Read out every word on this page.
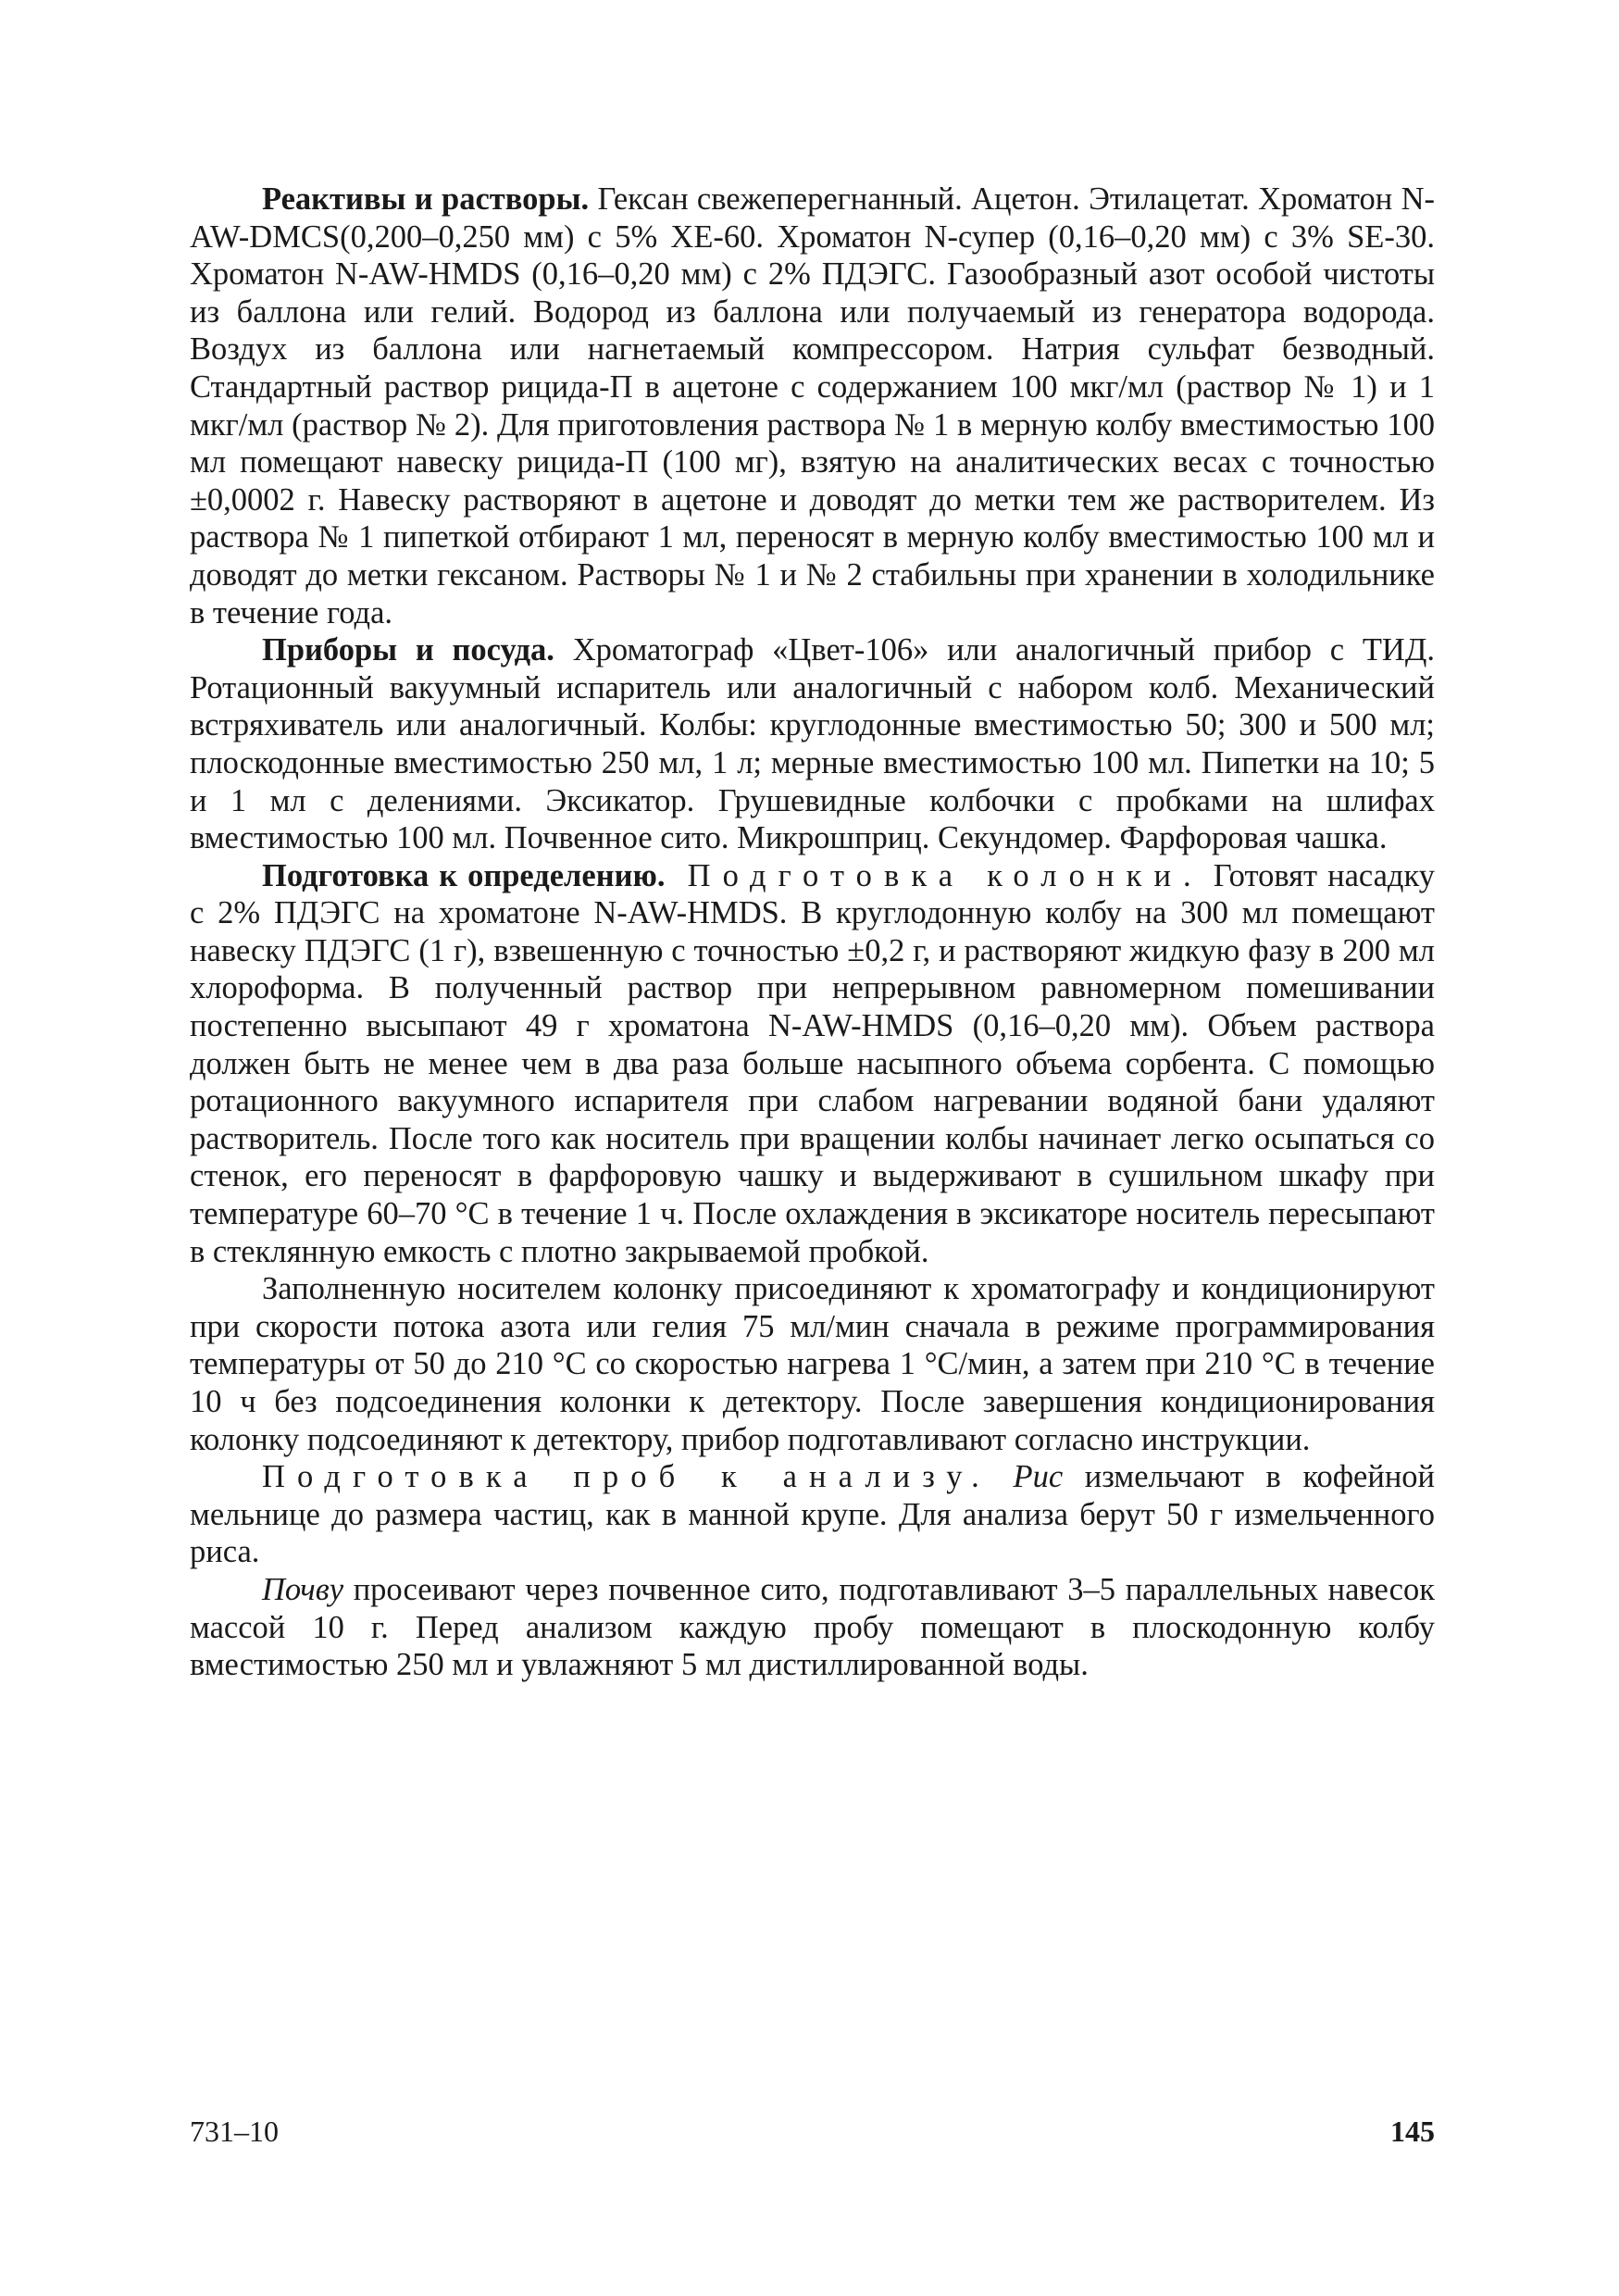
Реактивы и растворы. Гексан свежеперегнанный. Ацетон. Этилацетат. Хроматон N-AW-DMCS(0,200–0,250 мм) с 5% XE-60. Хроматон N-супер (0,16–0,20 мм) с 3% SE-30. Хроматон N-AW-HMDS (0,16–0,20 мм) с 2% ПДЭГС. Газообразный азот особой чистоты из баллона или гелий. Водород из баллона или получаемый из генератора водорода. Воздух из баллона или нагнетаемый компрессором. Натрия сульфат безводный. Стандартный раствор рицида-П в ацетоне с содержанием 100 мкг/мл (раствор № 1) и 1 мкг/мл (раствор № 2). Для приготовления раствора № 1 в мерную колбу вместимостью 100 мл помещают навеску рицида-П (100 мг), взятую на аналитических весах с точностью ±0,0002 г. Навеску растворяют в ацетоне и доводят до метки тем же растворителем. Из раствора № 1 пипеткой отбирают 1 мл, переносят в мерную колбу вместимостью 100 мл и доводят до метки гексаном. Растворы № 1 и № 2 стабильны при хранении в холодильнике в течение года.

Приборы и посуда. Хроматограф «Цвет-106» или аналогичный прибор с ТИД. Ротационный вакуумный испаритель или аналогичный с набором колб. Механический встряхиватель или аналогичный. Колбы: круглодонные вместимостью 50; 300 и 500 мл; плоскодонные вместимостью 250 мл, 1 л; мерные вместимостью 100 мл. Пипетки на 10; 5 и 1 мл с делениями. Эксикатор. Грушевидные колбочки с пробками на шлифах вместимостью 100 мл. Почвенное сито. Микрошприц. Секундомер. Фарфоровая чашка.

Подготовка к определению. Подготовка колонки. Готовят насадку с 2% ПДЭГС на хроматоне N-AW-HMDS. В круглодонную колбу на 300 мл помещают навеску ПДЭГС (1 г), взвешенную с точностью ±0,2 г, и растворяют жидкую фазу в 200 мл хлороформа. В полученный раствор при непрерывном равномерном помешивании постепенно высыпают 49 г хроматона N-AW-HMDS (0,16–0,20 мм). Объем раствора должен быть не менее чем в два раза больше насыпного объема сорбента. С помощью ротационного вакуумного испарителя при слабом нагревании водяной бани удаляют растворитель. После того как носитель при вращении колбы начинает легко осыпаться со стенок, его переносят в фарфоровую чашку и выдерживают в сушильном шкафу при температуре 60–70 °С в течение 1 ч. После охлаждения в эксикаторе носитель пересыпают в стеклянную емкость с плотно закрываемой пробкой.

Заполненную носителем колонку присоединяют к хроматографу и кондиционируют при скорости потока азота или гелия 75 мл/мин сначала в режиме программирования температуры от 50 до 210 °С со скоростью нагрева 1 °С/мин, а затем при 210 °С в течение 10 ч без подсоединения колонки к детектору. После завершения кондиционирования колонку подсоединяют к детектору, прибор подготавливают согласно инструкции.

Подготовка проб к анализу. Рис измельчают в кофейной мельнице до размера частиц, как в манной крупе. Для анализа берут 50 г измельченного риса.

Почву просеивают через почвенное сито, подготавливают 3–5 параллельных навесок массой 10 г. Перед анализом каждую пробу помещают в плоскодонную колбу вместимостью 250 мл и увлажняют 5 мл дистиллированной воды.

731–10	145
